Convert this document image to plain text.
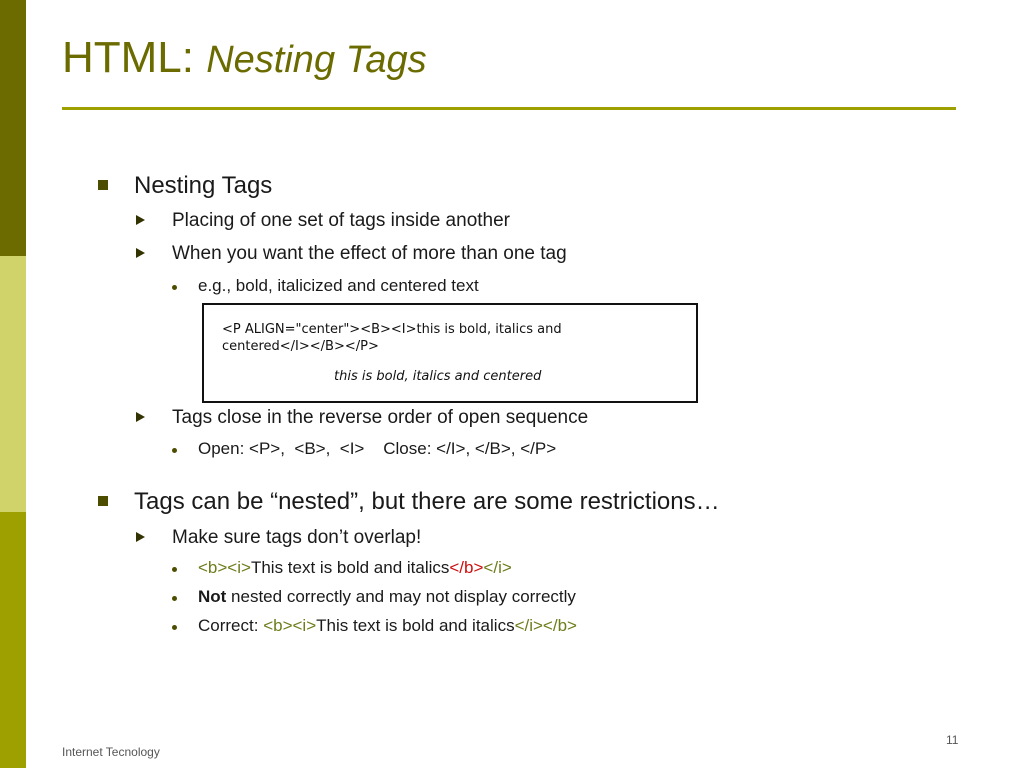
HTML: Nesting Tags
Nesting Tags
Placing of one set of tags inside another
When you want the effect of more than one tag
e.g., bold, italicized and centered text
<P ALIGN="center"><B><I>this is bold, italics and
centered</I></B></P>
this is bold, italics and centered
Tags close in the reverse order of open sequence
Open: <P>,  <B>,  <I>    Close: </I>, </B>, </P>
Tags can be “nested”, but there are some restrictions…
Make sure tags don’t overlap!
<b><i>This text is bold and italics</b></i>
Not nested correctly and may not display correctly
Correct: <b><i>This text is bold and italics</i></b>
Internet Tecnology
11
